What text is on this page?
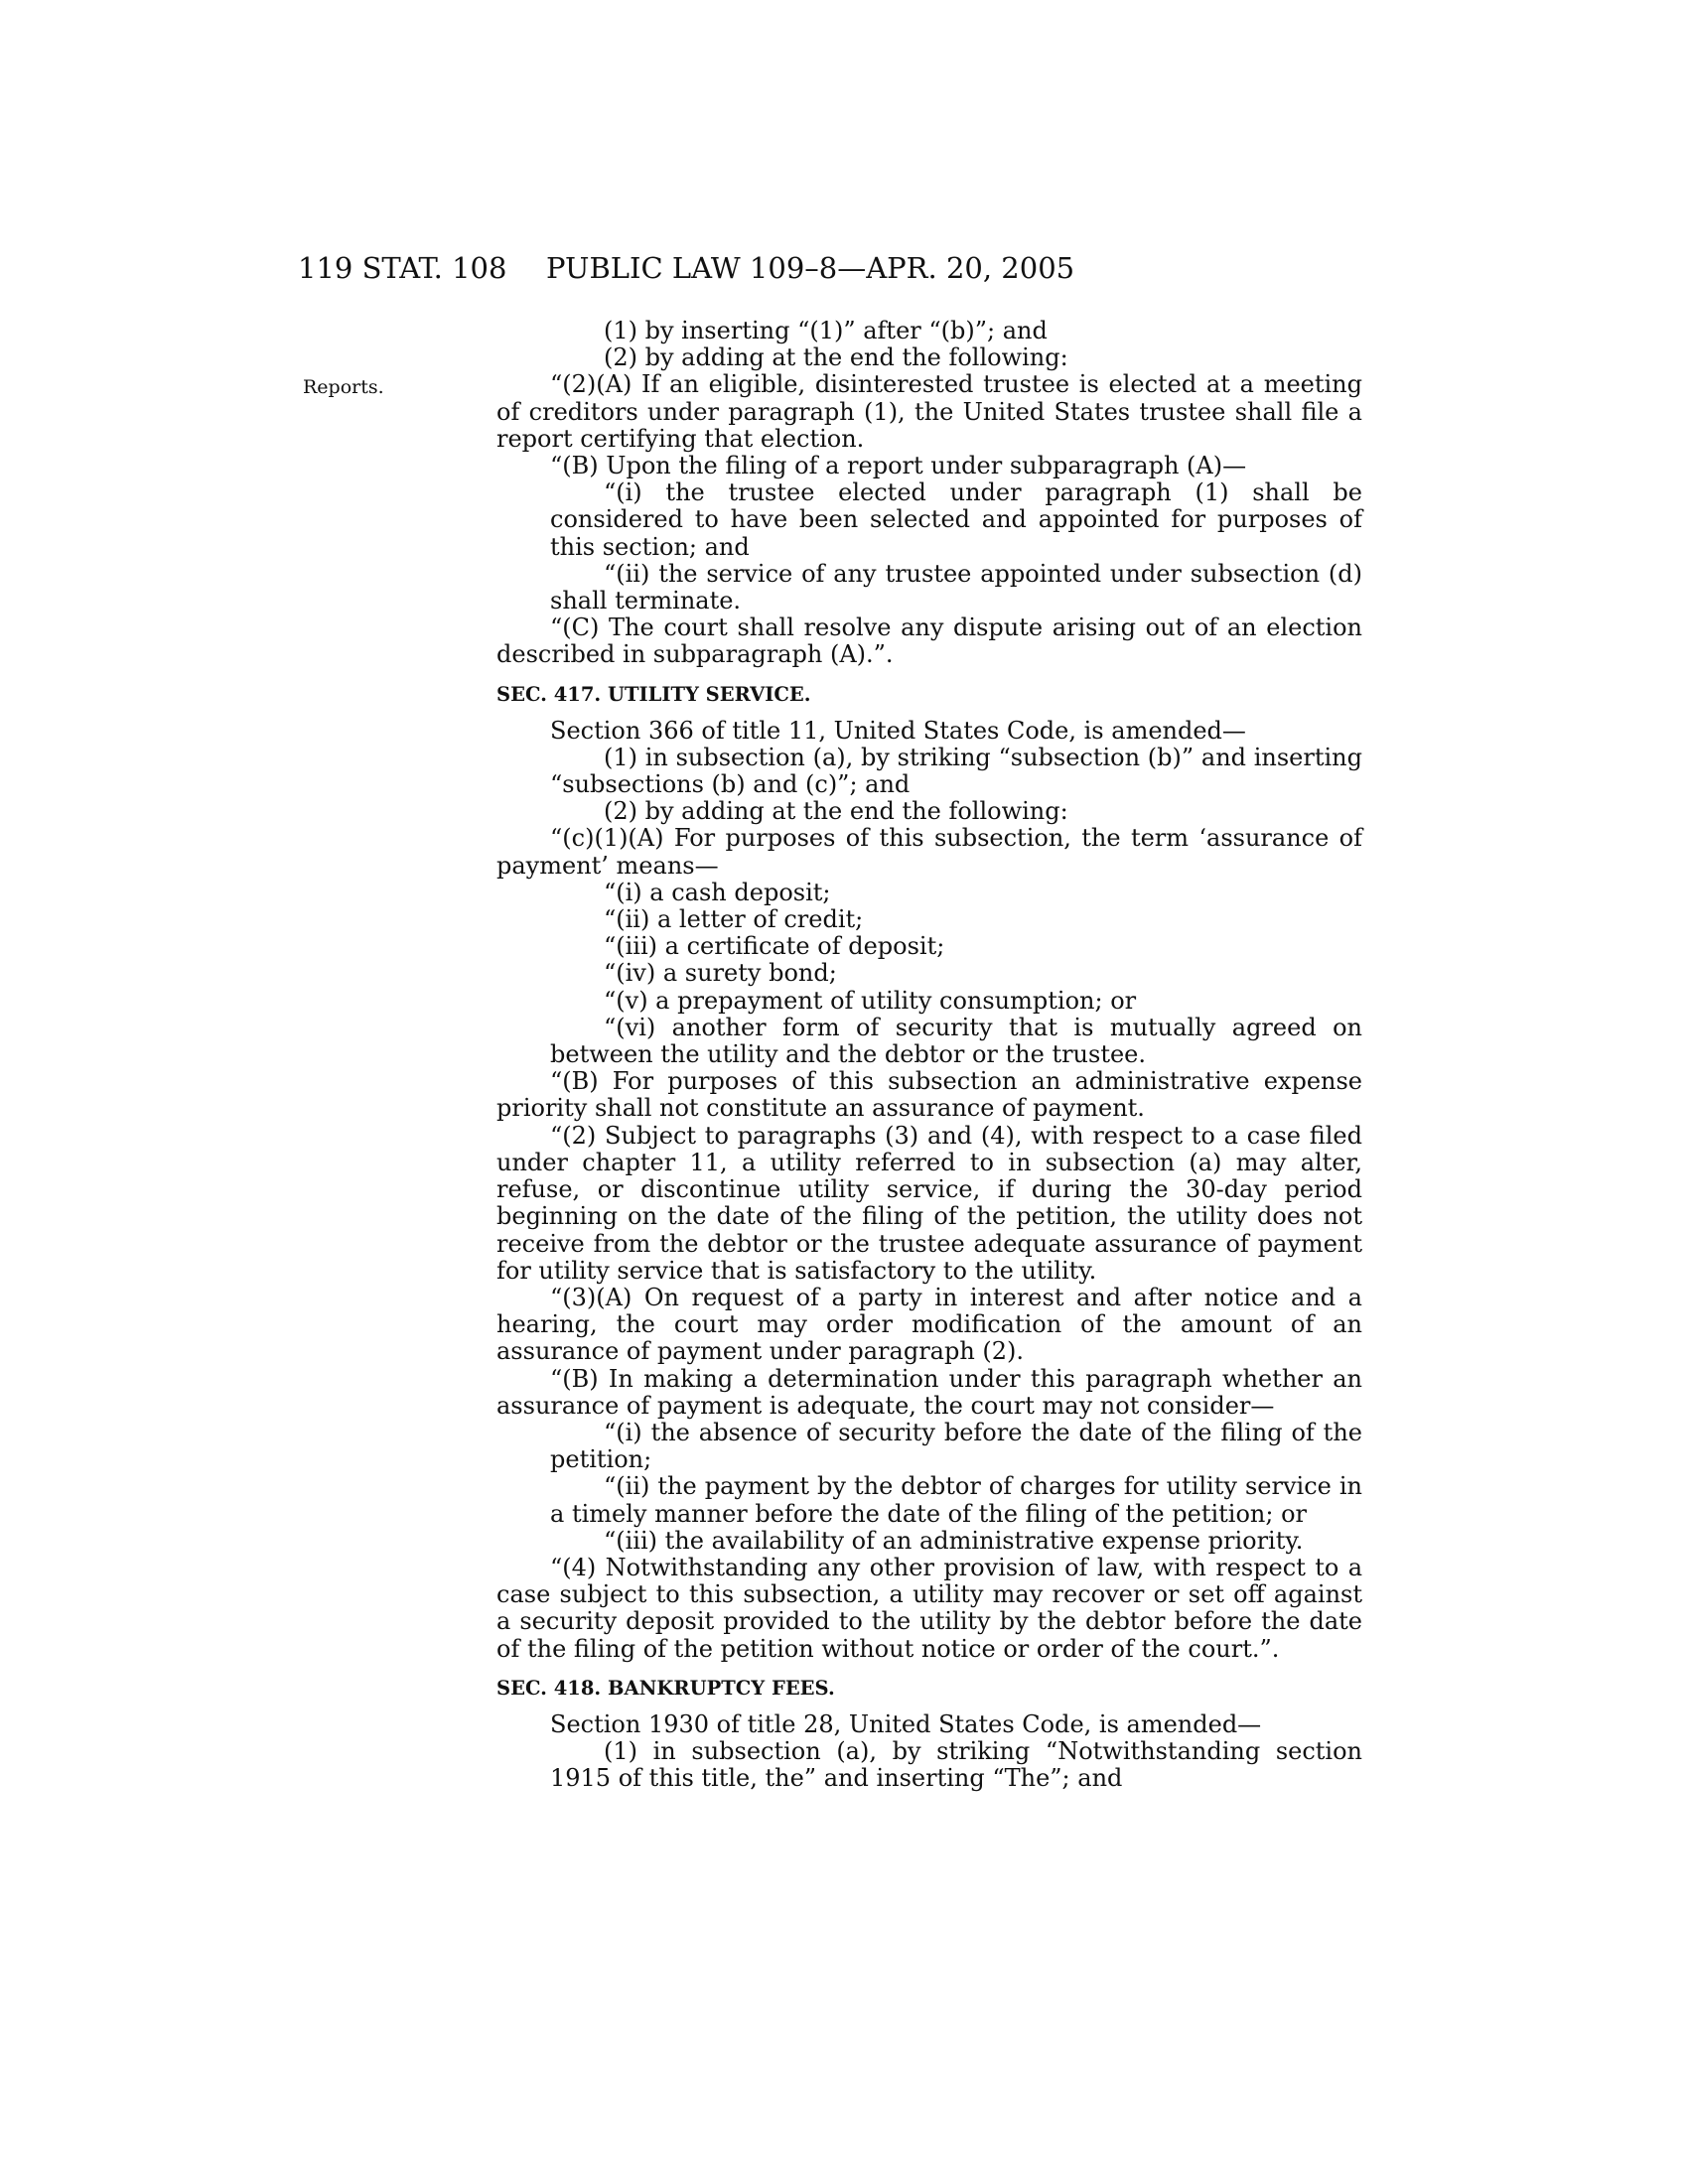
119 STAT. 108 PUBLIC LAW 109–8—APR. 20, 2005
Reports.

(1) by inserting “(1)” after “(b)”; and

(2) by adding at the end the following:

“(2)(A) If an eligible, disinterested trustee is elected at a meeting of creditors under paragraph (1), the United States trustee shall file a report certifying that election.

“(B) Upon the filing of a report under subparagraph (A)—

“(i) the trustee elected under paragraph (1) shall be considered to have been selected and appointed for purposes of this section; and

“(ii) the service of any trustee appointed under subsection (d) shall terminate.

“(C) The court shall resolve any dispute arising out of an election described in subparagraph (A).”.

SEC. 417. UTILITY SERVICE.

Section 366 of title 11, United States Code, is amended—

(1) in subsection (a), by striking “subsection (b)” and inserting “subsections (b) and (c)”; and

(2) by adding at the end the following:

“(c)(1)(A) For purposes of this subsection, the term ‘assurance of payment’ means—

“(i) a cash deposit;

“(ii) a letter of credit;

“(iii) a certificate of deposit;

“(iv) a surety bond;

“(v) a prepayment of utility consumption; or

“(vi) another form of security that is mutually agreed on between the utility and the debtor or the trustee.

“(B) For purposes of this subsection an administrative expense priority shall not constitute an assurance of payment.

“(2) Subject to paragraphs (3) and (4), with respect to a case filed under chapter 11, a utility referred to in subsection (a) may alter, refuse, or discontinue utility service, if during the 30-day period beginning on the date of the filing of the petition, the utility does not receive from the debtor or the trustee adequate assurance of payment for utility service that is satisfactory to the utility.

“(3)(A) On request of a party in interest and after notice and a hearing, the court may order modification of the amount of an assurance of payment under paragraph (2).

“(B) In making a determination under this paragraph whether an assurance of payment is adequate, the court may not consider—

“(i) the absence of security before the date of the filing of the petition;

“(ii) the payment by the debtor of charges for utility service in a timely manner before the date of the filing of the petition; or

“(iii) the availability of an administrative expense priority.

“(4) Notwithstanding any other provision of law, with respect to a case subject to this subsection, a utility may recover or set off against a security deposit provided to the utility by the debtor before the date of the filing of the petition without notice or order of the court.”.

SEC. 418. BANKRUPTCY FEES.

Section 1930 of title 28, United States Code, is amended—

(1) in subsection (a), by striking “Notwithstanding section 1915 of this title, the” and inserting “The”; and
